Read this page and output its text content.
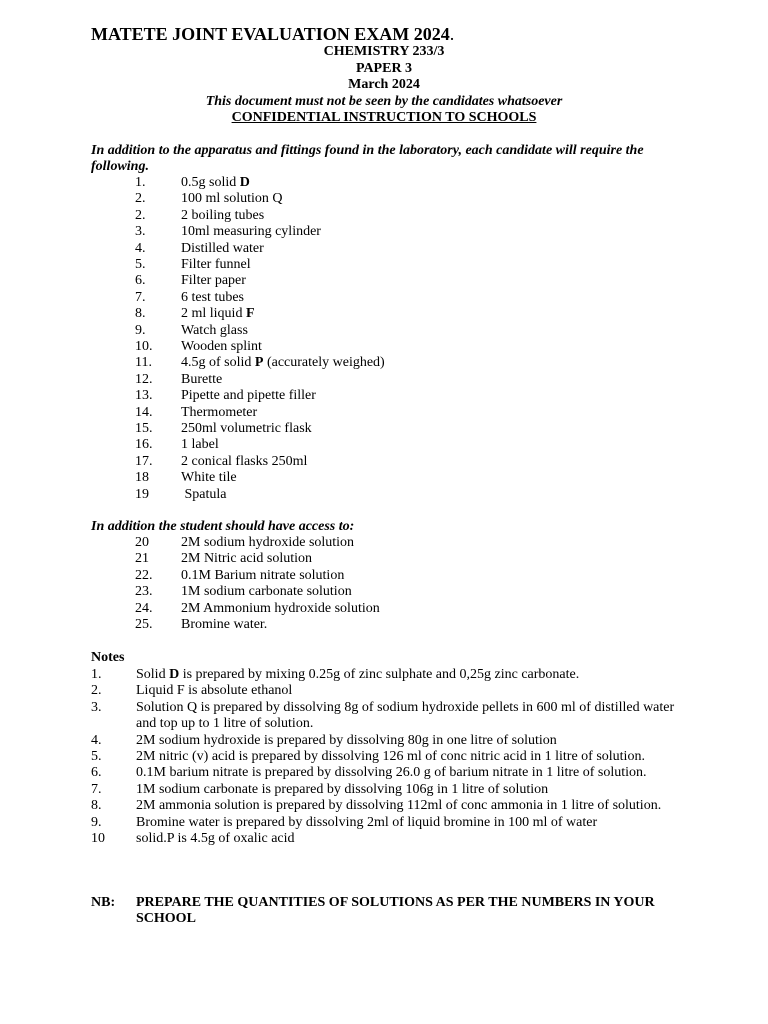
MATETE JOINT EVALUATION EXAM 2024.
CHEMISTRY 233/3
PAPER 3
March 2024
This document must not be seen by the candidates whatsoever
CONFIDENTIAL INSTRUCTION TO SCHOOLS
In addition to the apparatus and fittings found in the laboratory, each candidate will require the following.
1.	0.5g solid D
2.	100 ml solution Q
2.	2 boiling tubes
3.	10ml measuring cylinder
4.	Distilled water
5.	Filter funnel
6.	Filter paper
7.	6 test tubes
8.	2 ml liquid F
9.	Watch glass
10. Wooden splint
11. 4.5g of solid P (accurately weighed)
12. Burette
13. Pipette and pipette filler
14. Thermometer
15. 250ml volumetric flask
16. 1 label
17. 2 conical flasks 250ml
18 White tile
19 Spatula
In addition the student should have access to:
20 2M sodium hydroxide solution
21 2M Nitric acid solution
22. 0.1M Barium nitrate solution
23. 1M sodium carbonate solution
24. 2M Ammonium hydroxide solution
25. Bromine water.
Notes
1. Solid D is prepared by mixing 0.25g of zinc sulphate and 0,25g zinc carbonate.
2. Liquid F is absolute ethanol
3. Solution Q is prepared by dissolving 8g of sodium hydroxide pellets in 600 ml of distilled water and top up to 1 litre of solution.
4. 2M sodium hydroxide is prepared by dissolving 80g in one litre of solution
5. 2M nitric (v) acid is prepared by dissolving 126 ml of conc nitric acid in 1 litre of solution.
6. 0.1M barium nitrate is prepared by dissolving 26.0 g of barium nitrate in 1 litre of solution.
7. 1M sodium carbonate is prepared by dissolving 106g in 1 litre of solution
8. 2M ammonia solution is prepared by dissolving 112ml of conc ammonia in 1 litre of solution.
9. Bromine water is prepared by dissolving 2ml of liquid bromine in 100 ml of water
10 solid.P is 4.5g of oxalic acid
NB: PREPARE THE QUANTITIES OF SOLUTIONS AS PER THE NUMBERS IN YOUR SCHOOL
